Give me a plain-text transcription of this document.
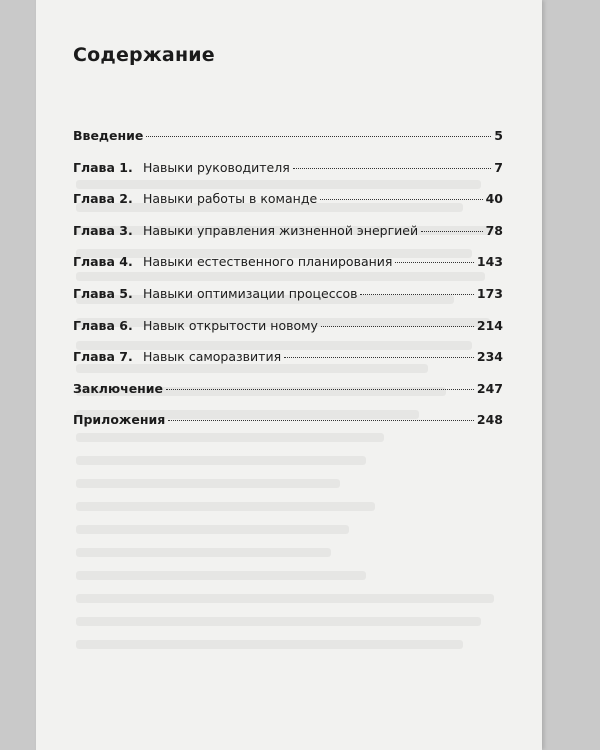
Содержание
Введение	5
Глава 1. Навыки руководителя	7
Глава 2. Навыки работы в команде	40
Глава 3. Навыки управления жизненной энергией	78
Глава 4. Навыки естественного планирования	143
Глава 5. Навыки оптимизации процессов	173
Глава 6. Навык открытости новому	214
Глава 7. Навык саморазвития	234
Заключение	247
Приложения	248
